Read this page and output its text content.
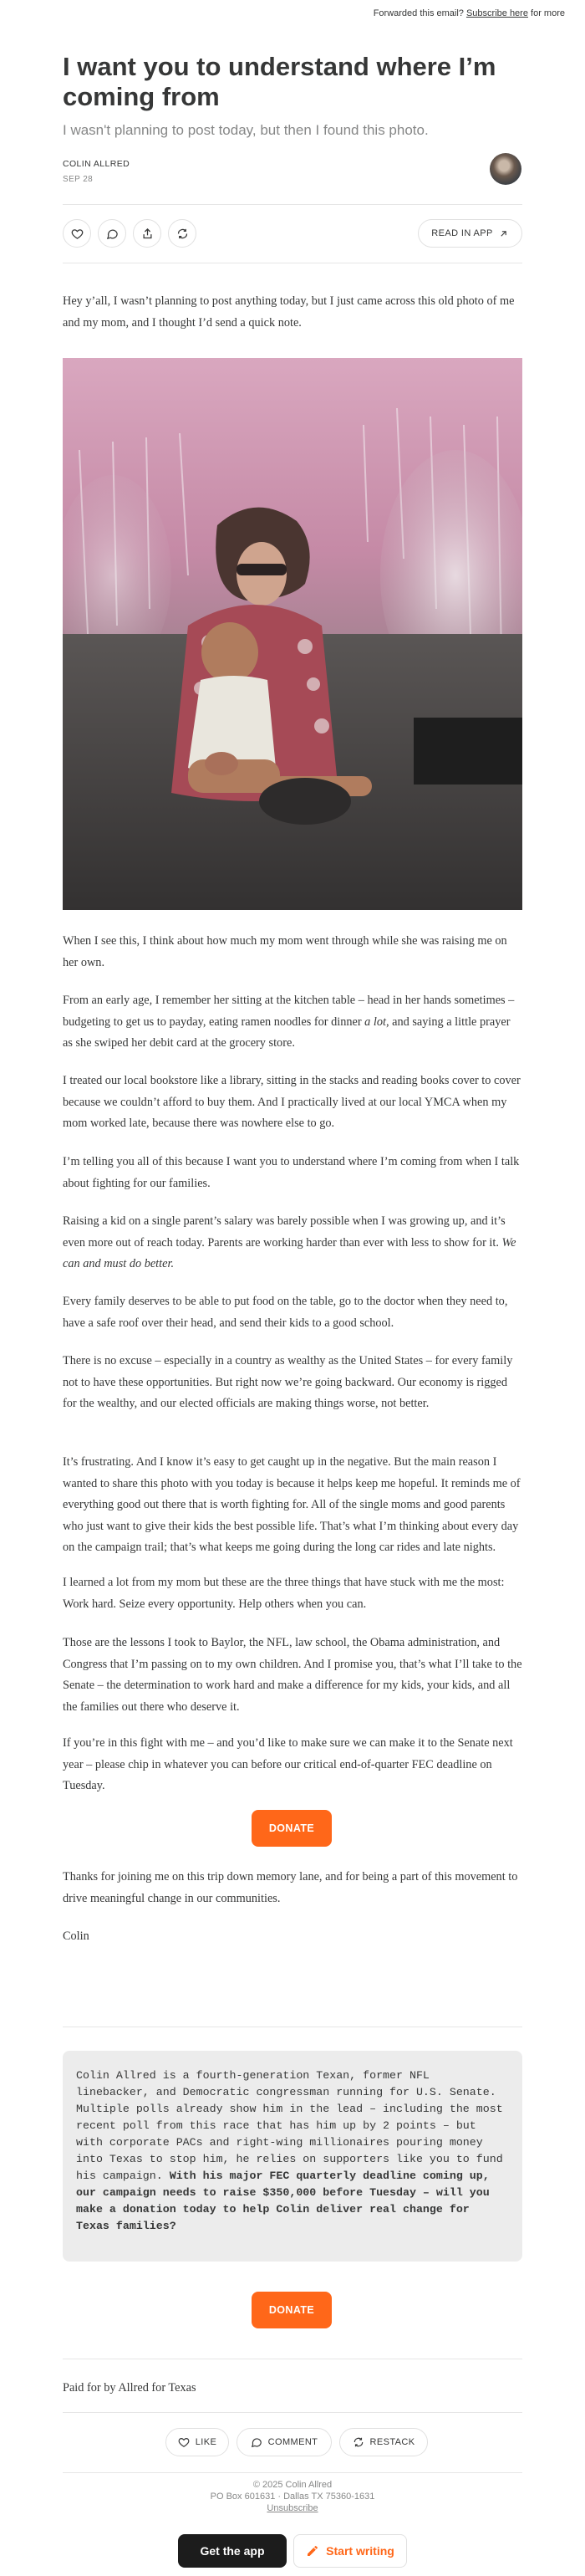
Forwarded this email? Subscribe here for more
I want you to understand where I’m coming from
I wasn't planning to post today, but then I found this photo.
COLIN ALLRED
SEP 28
READ IN APP

Hey y’all, I wasn’t planning to post anything today, but I just came across this old photo of me and my mom, and I thought I’d send a quick note.

When I see this, I think about how much my mom went through while she was raising me on her own.

From an early age, I remember her sitting at the kitchen table – head in her hands sometimes – budgeting to get us to payday, eating ramen noodles for dinner a lot, and saying a little prayer as she swiped her debit card at the grocery store.

I treated our local bookstore like a library, sitting in the stacks and reading books cover to cover because we couldn’t afford to buy them. And I practically lived at our local YMCA when my mom worked late, because there was nowhere else to go.

I’m telling you all of this because I want you to understand where I’m coming from when I talk about fighting for our families.

Raising a kid on a single parent’s salary was barely possible when I was growing up, and it’s even more out of reach today. Parents are working harder than ever with less to show for it. We can and must do better.

Every family deserves to be able to put food on the table, go to the doctor when they need to, have a safe roof over their head, and send their kids to a good school.

There is no excuse – especially in a country as wealthy as the United States – for every family not to have these opportunities. But right now we’re going backward. Our economy is rigged for the wealthy, and our elected officials are making things worse, not better.

It’s frustrating. And I know it’s easy to get caught up in the negative. But the main reason I wanted to share this photo with you today is because it helps keep me hopeful. It reminds me of everything good out there that is worth fighting for. All of the single moms and good parents who just want to give their kids the best possible life. That’s what I’m thinking about every day on the campaign trail; that’s what keeps me going during the long car rides and late nights.

I learned a lot from my mom but these are the three things that have stuck with me the most: Work hard. Seize every opportunity. Help others when you can.

Those are the lessons I took to Baylor, the NFL, law school, the Obama administration, and Congress that I’m passing on to my own children. And I promise you, that’s what I’ll take to the Senate – the determination to work hard and make a difference for my kids, your kids, and all the families out there who deserve it.

If you’re in this fight with me – and you’d like to make sure we can make it to the Senate next year – please chip in whatever you can before our critical end-of-quarter FEC deadline on Tuesday.

DONATE

Thanks for joining me on this trip down memory lane, and for being a part of this movement to drive meaningful change in our communities.

Colin

Colin Allred is a fourth-generation Texan, former NFL linebacker, and Democratic congressman running for U.S. Senate. Multiple polls already show him in the lead – including the most recent poll from this race that has him up by 2 points – but with corporate PACs and right-wing millionaires pouring money into Texas to stop him, he relies on supporters like you to fund his campaign. With his major FEC quarterly deadline coming up, our campaign needs to raise $350,000 before Tuesday – will you make a donation today to help Colin deliver real change for Texas families?
DONATE

Paid for by Allred for Texas

LIKE	COMMENT	RESTACK
© 2025 Colin Allred
PO Box 601631 · Dallas TX 75360-1631
Unsubscribe
Get the app	Start writing
